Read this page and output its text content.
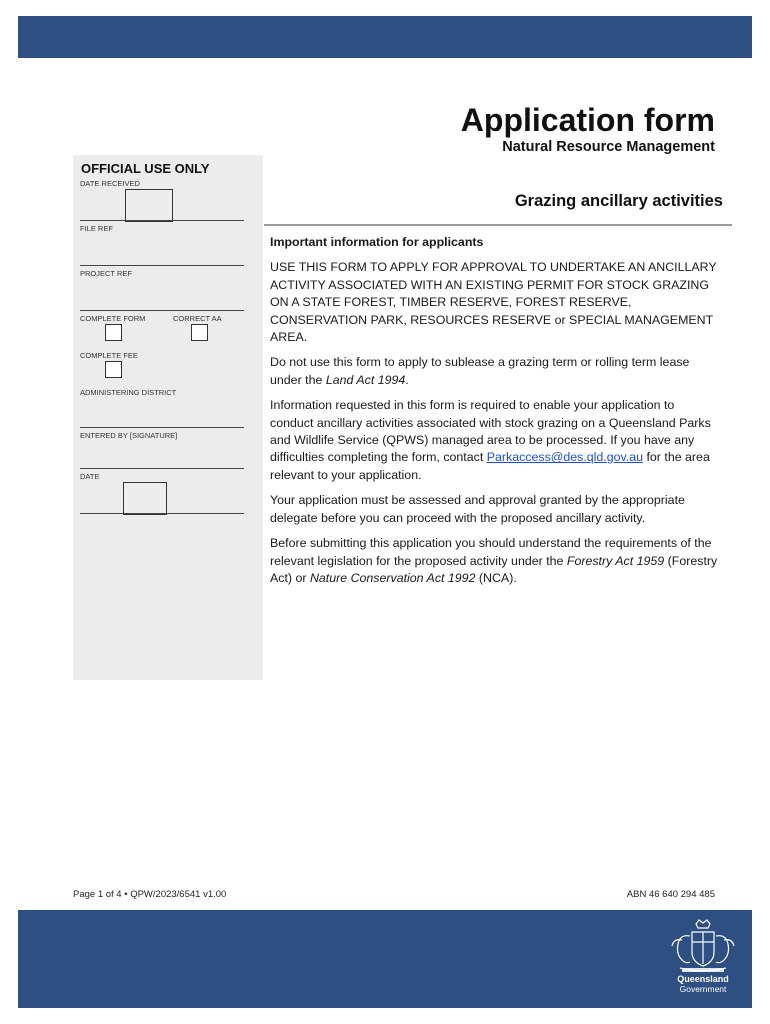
Application form
Natural Resource Management
OFFICIAL USE ONLY
DATE RECEIVED
FILE REF
PROJECT REF
COMPLETE FORM	CORRECT AA
COMPLETE FEE
ADMINISTERING DISTRICT
ENTERED BY [SIGNATURE]
DATE
Grazing ancillary activities

Important information for applicants

USE THIS FORM TO APPLY FOR APPROVAL TO UNDERTAKE AN ANCILLARY ACTIVITY ASSOCIATED WITH AN EXISTING PERMIT FOR STOCK GRAZING ON A STATE FOREST, TIMBER RESERVE, FOREST RESERVE, CONSERVATION PARK, RESOURCES RESERVE or SPECIAL MANAGEMENT AREA.

Do not use this form to apply to sublease a grazing term or rolling term lease under the Land Act 1994.

Information requested in this form is required to enable your application to conduct ancillary activities associated with stock grazing on a Queensland Parks and Wildlife Service (QPWS) managed area to be processed. If you have any difficulties completing the form, contact Parkaccess@des.qld.gov.au for the area relevant to your application.

Your application must be assessed and approval granted by the appropriate delegate before you can proceed with the proposed ancillary activity.

Before submitting this application you should understand the requirements of the relevant legislation for the proposed activity under the Forestry Act 1959 (Forestry Act) or Nature Conservation Act 1992 (NCA).

Page 1 of 4 • QPW/2023/6541 v1.00	ABN 46 640 294 485
Queensland
Government
